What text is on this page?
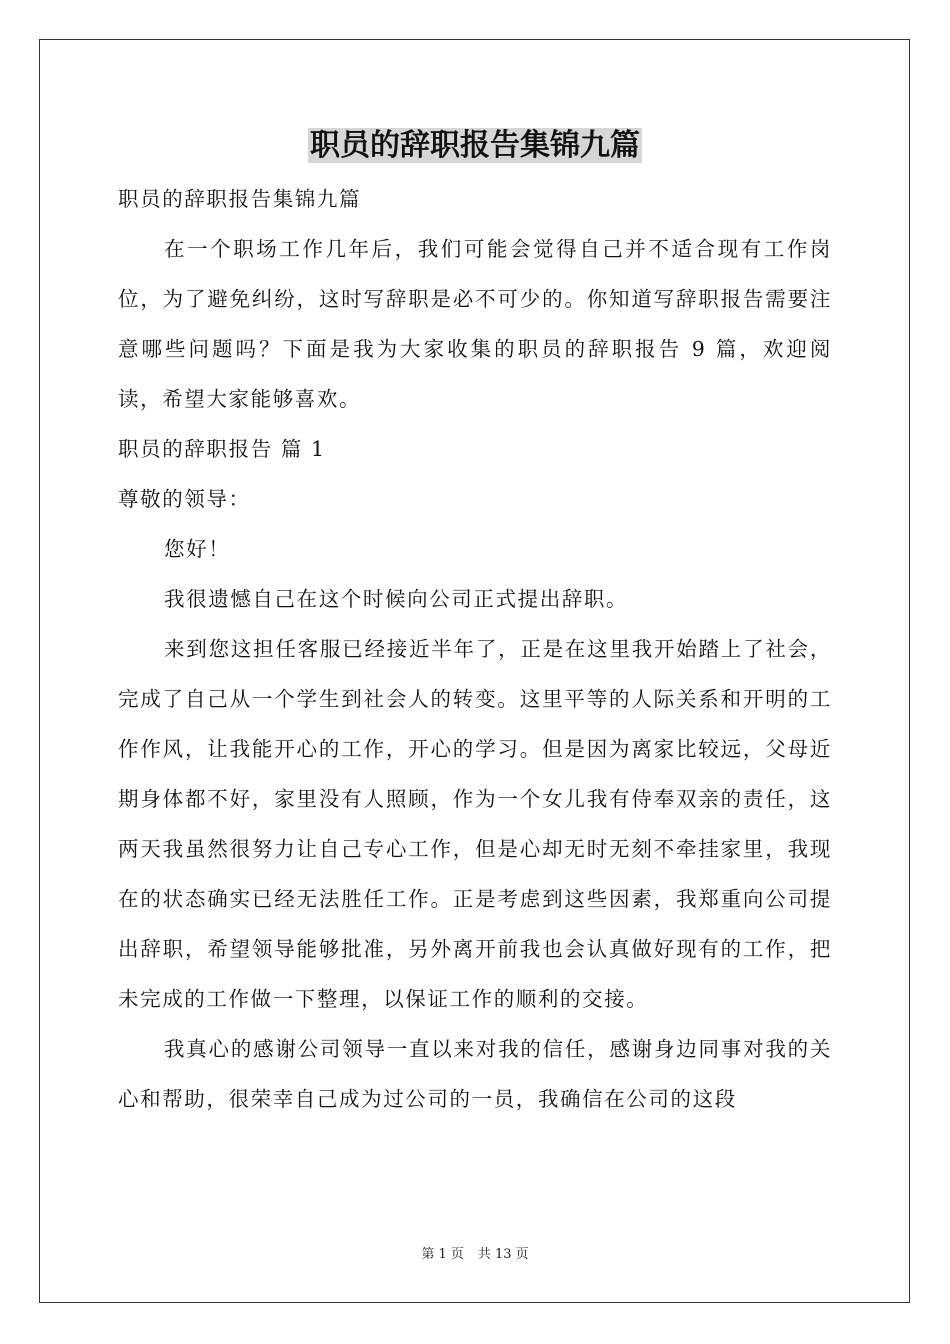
职员的辞职报告集锦九篇

职员的辞职报告集锦九篇

在一个职场工作几年后，我们可能会觉得自己并不适合现有工作岗位，为了避免纠纷，这时写辞职是必不可少的。你知道写辞职报告需要注意哪些问题吗？下面是我为大家收集的职员的辞职报告 9 篇，欢迎阅读，希望大家能够喜欢。

职员的辞职报告 篇 1

尊敬的领导：

您好！

我很遗憾自己在这个时候向公司正式提出辞职。

来到您这担任客服已经接近半年了，正是在这里我开始踏上了社会，完成了自己从一个学生到社会人的转变。这里平等的人际关系和开明的工作作风，让我能开心的工作，开心的学习。但是因为离家比较远，父母近期身体都不好，家里没有人照顾，作为一个女儿我有侍奉双亲的责任，这两天我虽然很努力让自己专心工作，但是心却无时无刻不牵挂家里，我现在的状态确实已经无法胜任工作。正是考虑到这些因素，我郑重向公司提出辞职，希望领导能够批准，另外离开前我也会认真做好现有的工作，把未完成的工作做一下整理，以保证工作的顺利的交接。

我真心的感谢公司领导一直以来对我的信任，感谢身边同事对我的关心和帮助，很荣幸自己成为过公司的一员，我确信在公司的这段

第 1 页 共 13 页
